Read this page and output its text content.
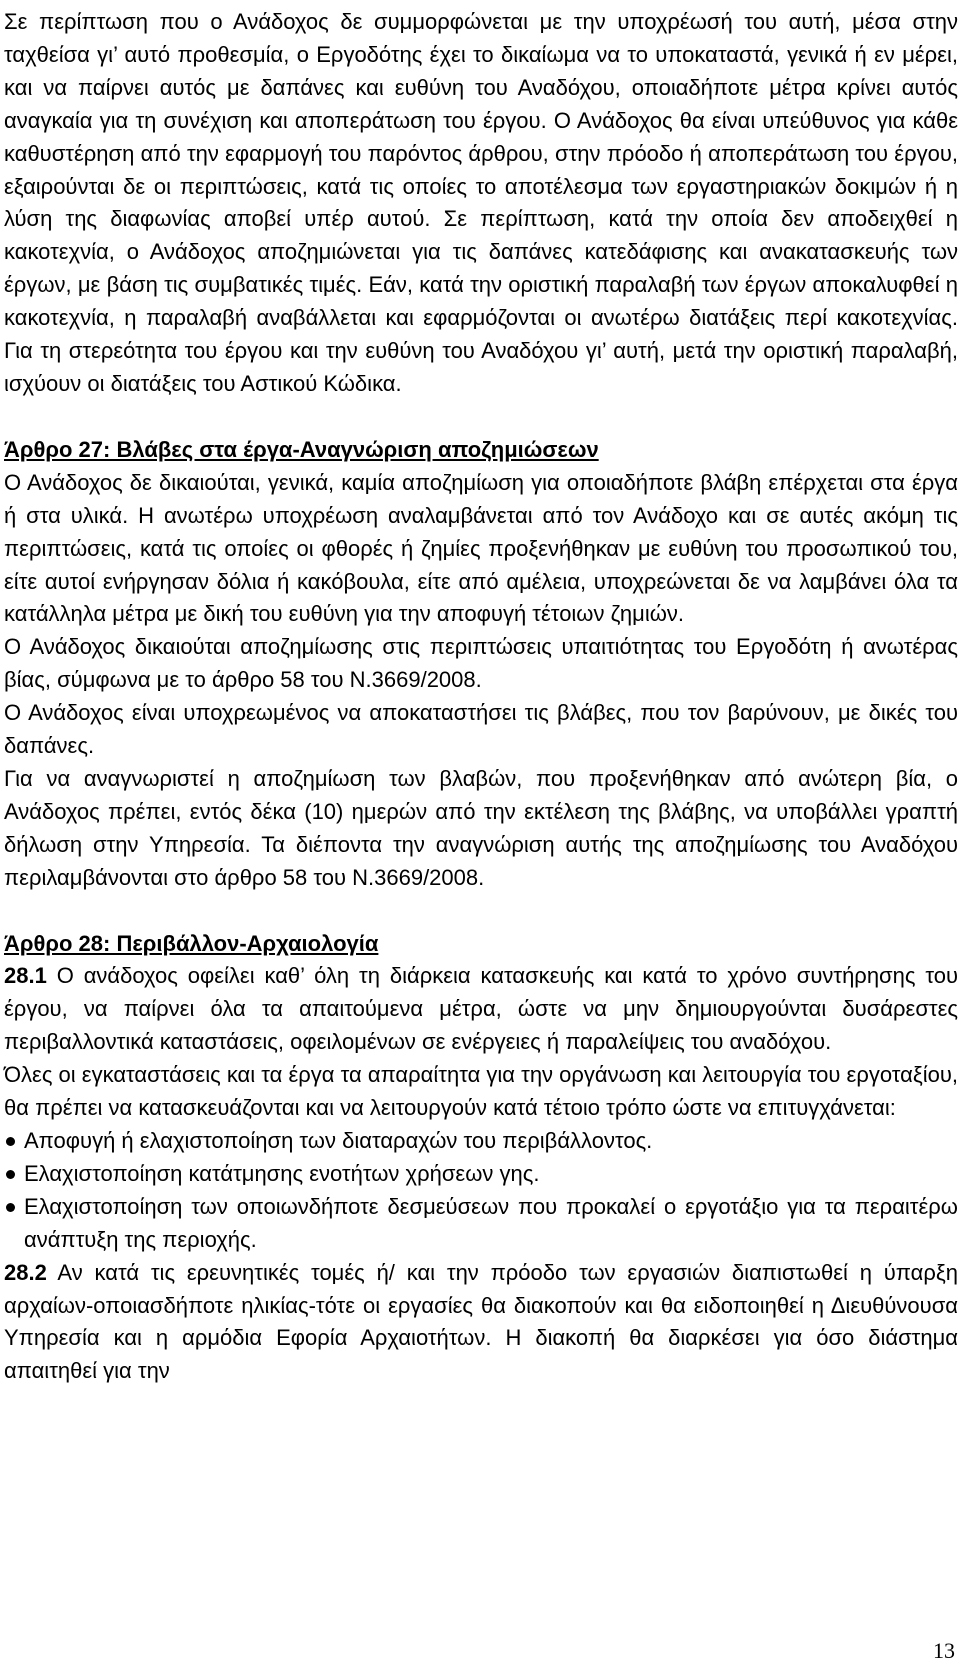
Σε περίπτωση που ο Ανάδοχος δε συμμορφώνεται με την υποχρέωσή του αυτή, μέσα στην ταχθείσα γι’ αυτό προθεσμία, ο Εργοδότης έχει το δικαίωμα να το υποκαταστά, γενικά ή εν μέρει, και να παίρνει αυτός με δαπάνες και ευθύνη του Αναδόχου, οποιαδήποτε μέτρα κρίνει αυτός αναγκαία για τη συνέχιση και αποπεράτωση του έργου. Ο Ανάδοχος θα είναι υπεύθυνος για κάθε καθυστέρηση από την εφαρμογή του παρόντος άρθρου, στην πρόοδο ή αποπεράτωση του έργου, εξαιρούνται δε οι περιπτώσεις, κατά τις οποίες το αποτέλεσμα των εργαστηριακών δοκιμών ή η λύση της διαφωνίας αποβεί υπέρ αυτού. Σε περίπτωση, κατά την οποία δεν αποδειχθεί η κακοτεχνία, ο Ανάδοχος αποζημιώνεται για τις δαπάνες κατεδάφισης και ανακατασκευής των έργων, με βάση τις συμβατικές τιμές. Εάν, κατά την οριστική παραλαβή των έργων αποκαλυφθεί η κακοτεχνία, η παραλαβή αναβάλλεται και εφαρμόζονται οι ανωτέρω διατάξεις περί κακοτεχνίας. Για τη στερεότητα του έργου και την ευθύνη του Αναδόχου γι’ αυτή, μετά την οριστική παραλαβή, ισχύουν οι διατάξεις του Αστικού Κώδικα.

Άρθρο 27: Βλάβες στα έργα-Αναγνώριση αποζημιώσεων

Ο Ανάδοχος δε δικαιούται, γενικά, καμία αποζημίωση για οποιαδήποτε βλάβη επέρχεται στα έργα ή στα υλικά. Η ανωτέρω υποχρέωση αναλαμβάνεται από τον Ανάδοχο και σε αυτές ακόμη τις περιπτώσεις, κατά τις οποίες οι φθορές ή ζημίες προξενήθηκαν με ευθύνη του προσωπικού του, είτε αυτοί ενήργησαν δόλια ή κακόβουλα, είτε από αμέλεια, υποχρεώνεται δε να λαμβάνει όλα τα κατάλληλα μέτρα με δική του ευθύνη για την αποφυγή τέτοιων ζημιών.

Ο Ανάδοχος δικαιούται αποζημίωσης στις περιπτώσεις υπαιτιότητας του Εργοδότη ή ανωτέρας βίας, σύμφωνα με το άρθρο 58 του Ν.3669/2008.

Ο Ανάδοχος είναι υποχρεωμένος να αποκαταστήσει τις βλάβες, που τον βαρύνουν, με δικές του δαπάνες.

Για να αναγνωριστεί η αποζημίωση των βλαβών, που προξενήθηκαν από ανώτερη βία, ο Ανάδοχος πρέπει, εντός δέκα (10) ημερών από την εκτέλεση της βλάβης, να υποβάλλει γραπτή δήλωση στην Υπηρεσία. Τα διέποντα την αναγνώριση αυτής της αποζημίωσης του Αναδόχου περιλαμβάνονται στο άρθρο 58 του Ν.3669/2008.

Άρθρο 28: Περιβάλλον-Αρχαιολογία

28.1 Ο ανάδοχος οφείλει καθ’ όλη τη διάρκεια κατασκευής και κατά το χρόνο συντήρησης του έργου, να παίρνει όλα τα απαιτούμενα μέτρα, ώστε να μην δημιουργούνται δυσάρεστες περιβαλλοντικά καταστάσεις, οφειλομένων σε ενέργειες ή παραλείψεις του αναδόχου.

Όλες οι εγκαταστάσεις και τα έργα τα απαραίτητα για την οργάνωση και λειτουργία του εργοταξίου, θα πρέπει να κατασκευάζονται και να λειτουργούν κατά τέτοιο τρόπο ώστε να επιτυγχάνεται:

Αποφυγή ή ελαχιστοποίηση των διαταραχών του περιβάλλοντος.
Ελαχιστοποίηση κατάτμησης ενοτήτων χρήσεων γης.
Ελαχιστοποίηση των οποιωνδήποτε δεσμεύσεων που προκαλεί ο εργοτάξιο για τα περαιτέρω ανάπτυξη της περιοχής.

28.2 Αν κατά τις ερευνητικές τομές ή/ και την πρόοδο των εργασιών διαπιστωθεί η ύπαρξη αρχαίων-οποιασδήποτε ηλικίας-τότε οι εργασίες θα διακοπούν και θα ειδοποιηθεί η Διευθύνουσα Υπηρεσία και η αρμόδια Εφορία Αρχαιοτήτων. Η διακοπή θα διαρκέσει για όσο διάστημα απαιτηθεί για την

13
